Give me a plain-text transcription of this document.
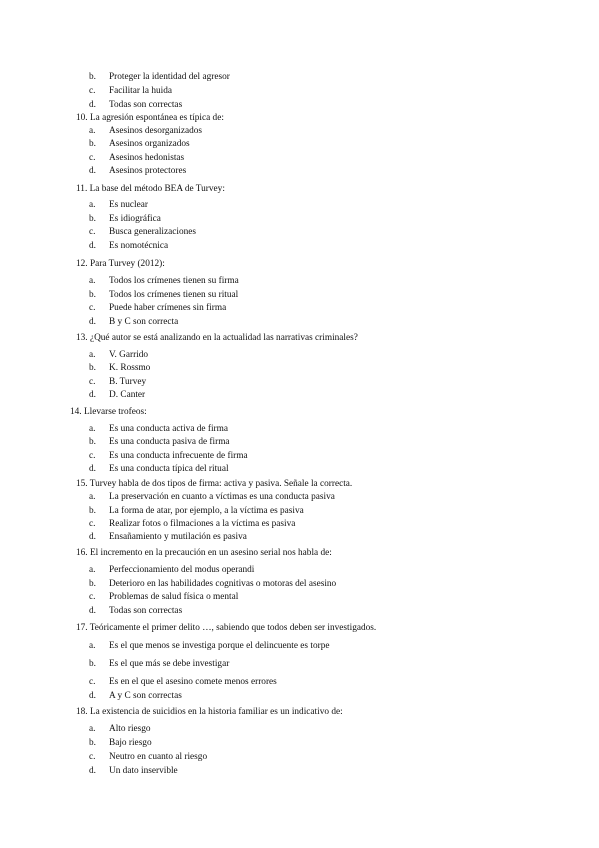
b. Proteger la identidad del agresor
c. Facilitar la huida
d. Todas son correctas
10. La agresión espontánea es típica de:
a. Asesinos desorganizados
b. Asesinos organizados
c. Asesinos hedonistas
d. Asesinos protectores
11. La base del método BEA de Turvey:
a. Es nuclear
b. Es idiográfica
c. Busca generalizaciones
d. Es nomotécnica
12. Para Turvey (2012):
a. Todos los crímenes tienen su firma
b. Todos los crímenes tienen su ritual
c. Puede haber crímenes sin firma
d. B y C son correcta
13. ¿Qué autor se está analizando en la actualidad las narrativas criminales?
a. V. Garrido
b. K. Rossmo
c. B. Turvey
d. D. Canter
14. Llevarse trofeos:
a. Es una conducta activa de firma
b. Es una conducta pasiva de firma
c. Es una conducta infrecuente de firma
d. Es una conducta típica del ritual
15. Turvey habla de dos tipos de firma: activa y pasiva. Señale la correcta.
a. La preservación en cuanto a víctimas es una conducta pasiva
b. La forma de atar, por ejemplo, a la víctima es pasiva
c. Realizar fotos o filmaciones a la víctima es pasiva
d. Ensañamiento y mutilación es pasiva
16. El incremento en la precaución en un asesino serial nos habla de:
a. Perfeccionamiento del modus operandi
b. Deterioro en las habilidades cognitivas o motoras del asesino
c. Problemas de salud física o mental
d. Todas son correctas
17. Teóricamente el primer delito …, sabiendo que todos deben ser investigados.
a. Es el que menos se investiga porque el delincuente es torpe
b. Es el que más se debe investigar
c. Es en el que el asesino comete menos errores
d. A y C son correctas
18. La existencia de suicidios en la historia familiar es un indicativo de:
a. Alto riesgo
b. Bajo riesgo
c. Neutro en cuanto al riesgo
d. Un dato inservible
